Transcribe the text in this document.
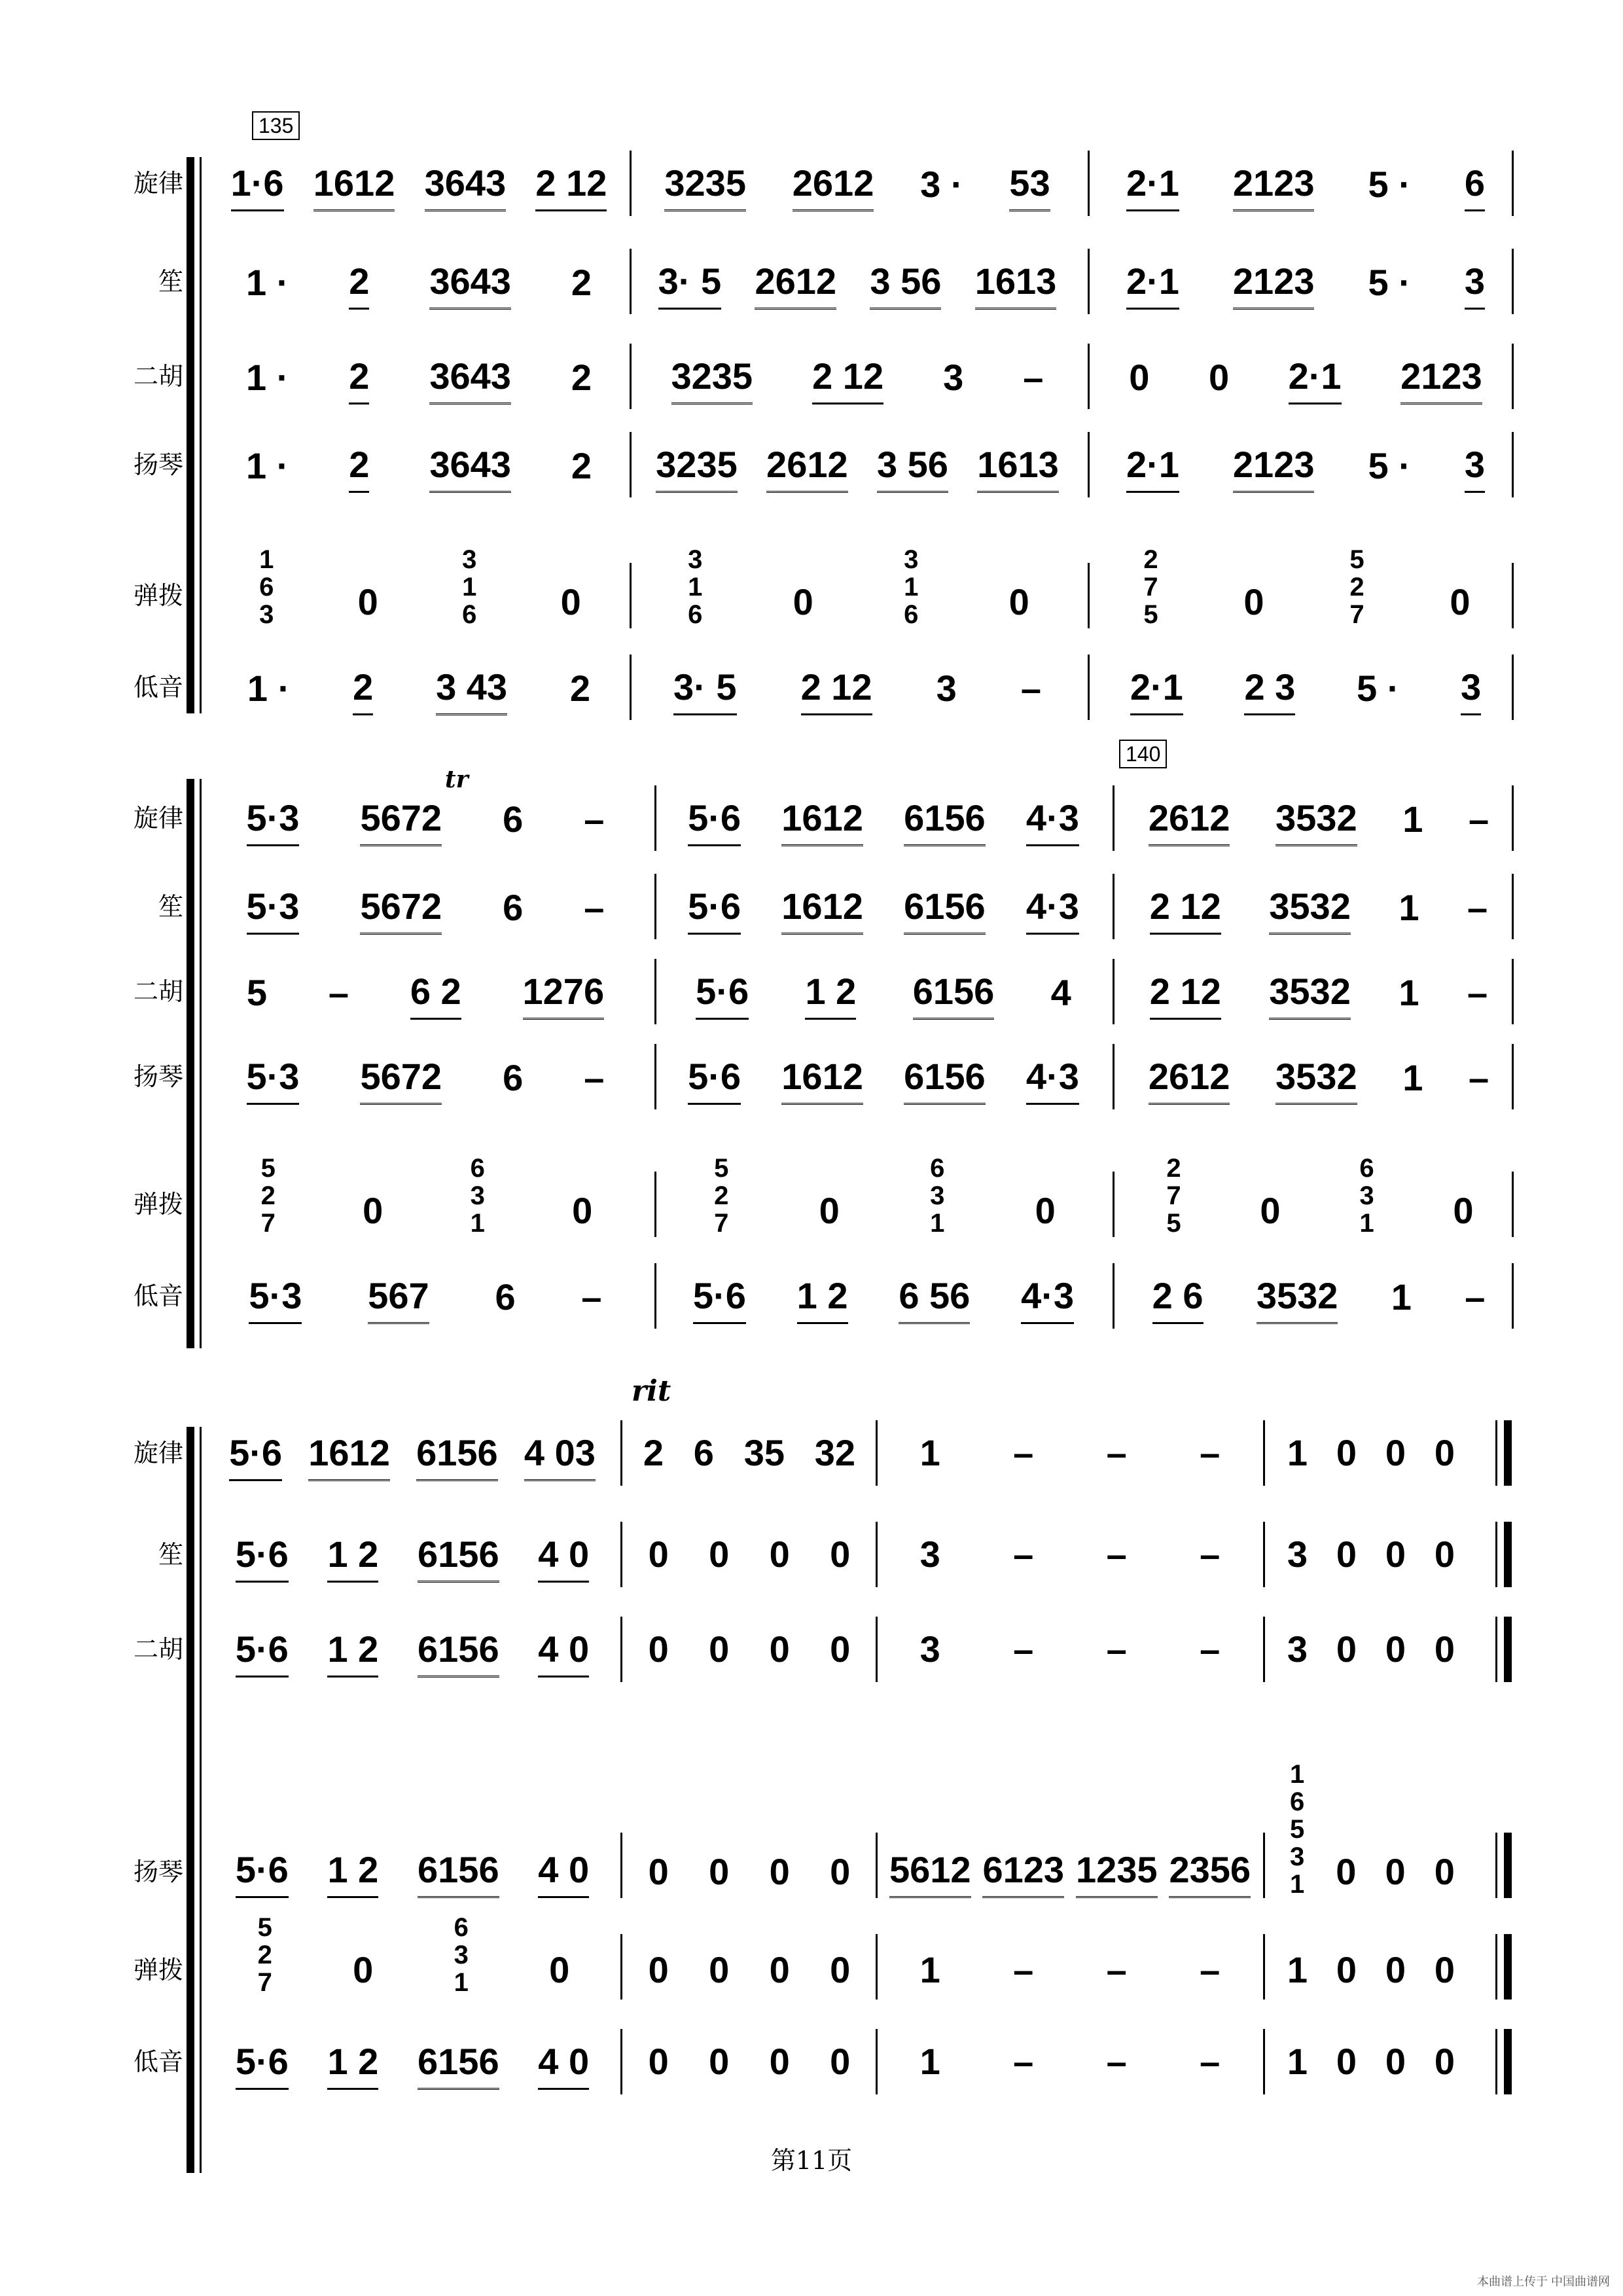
135
旋律 1·6 1612 3643 2 12 3235 2612 3 · 53 2·1 2123 5 · 6
笙 1 · 2 3643 2 3· 5 2612 3 56 1613 2·1 2123 5 · 3
二胡 1 · 2 3643 2 3235 2 12 3 – 0 0 2·1 2123
扬琴 1 · 2 3643 2 3235 2612 3 56 1613 2·1 2123 5 · 3
弹拨
1
6
3 0
3
1
6 0
3
1
6 0
3
1
6 0
2
7
5 0
5
2
7 0
低音 1 · 2 3 43 2 3· 5 2 12 3 – 2·1 2 3 5 · 3
140
tr
旋律 5·3 5672 6 – 5·6 1612 6156 4·3 2612 3532 1 –
笙 5·3 5672 6 – 5·6 1612 6156 4·3 2 12 3532 1 –
二胡 5 – 6 2 1276	5·6 1 2 6156 4 2 12 3532 1 –
扬琴 5·3 5672 6 – 5·6 1612 6156 4·3 2612 3532 1 –
弹拨
5
2
7 0
6
3
1 0
5
2
7 0
6
3
1 0
2
7
5 0
6
3
1 0
低音 5·3 567 6 – 5·6 1 2 6 56 4·3 2 6 3532 1 –
rit
旋律 5·6 1612 6156 4 03 2 6 35 32 1 – – – 1 0 0 0
笙 5·6 1 2 6156 4 0 0 0 0 0 3 – – – 3 0 0 0
二胡 5·6 1 2 6156 4 0 0 0 0 0 3 – – – 3 0 0 0
扬琴 5·6 1 2 6156 4 0 0 0 0 0 5612 6123 1235 2356
1
6
5
3
1 0 0 0
弹拨
5
2
7 0
6
3
1 0 0 0 0 0 1 – – – 1 0 0 0
低音 5·6 1 2 6156 4 0 0 0 0 0 1 – – – 1 0 0 0
第11页
本曲谱上传于 中国曲谱网
